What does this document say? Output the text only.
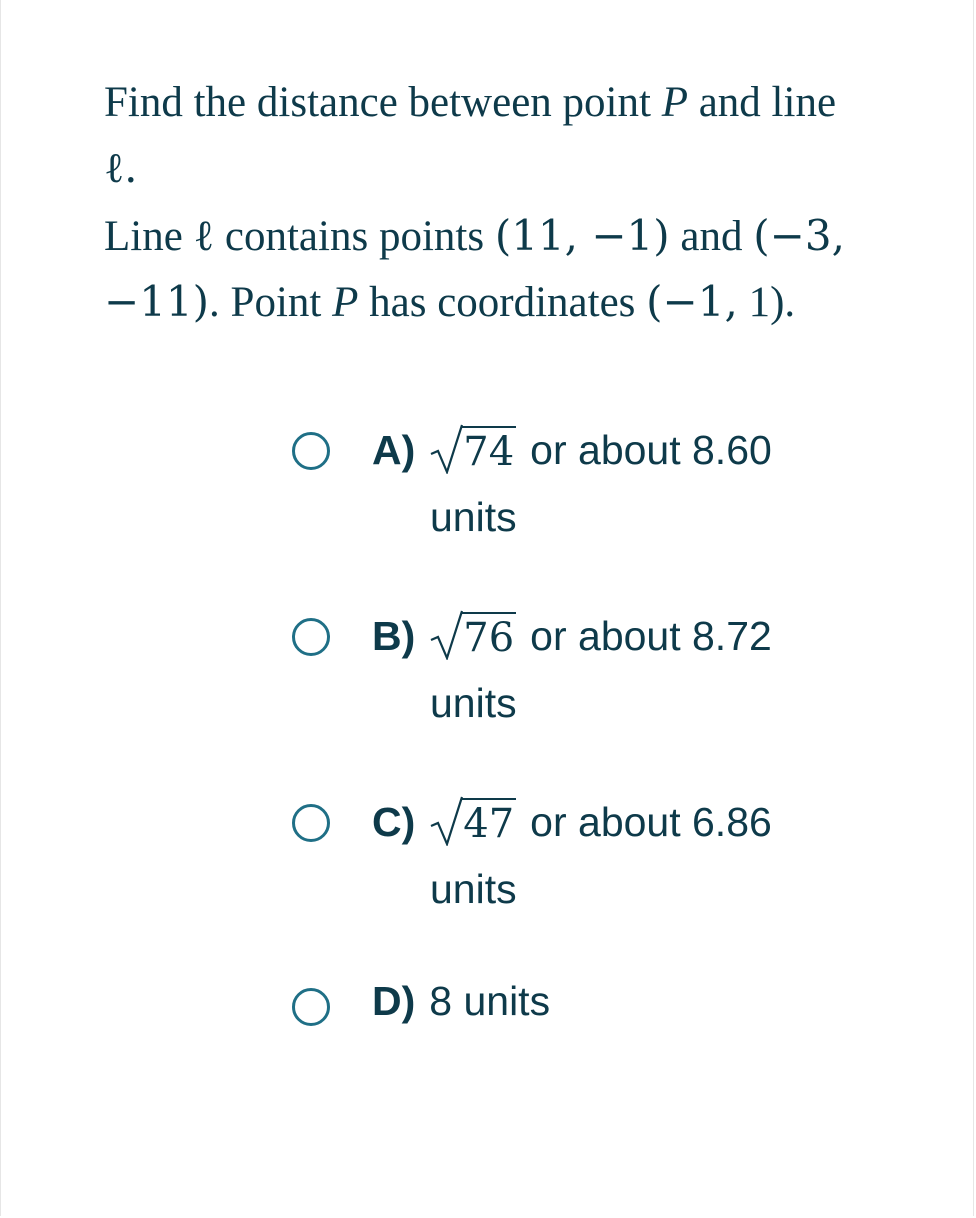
Find the distance between point P and line
ℓ.
Line ℓ contains points (11, −1) and (−3,
−11). Point P has coordinates (−1, 1).
A) 74 or about 8.60
units
B) 76 or about 8.72
units
C) 47 or about 6.86
units
D) 8 units
